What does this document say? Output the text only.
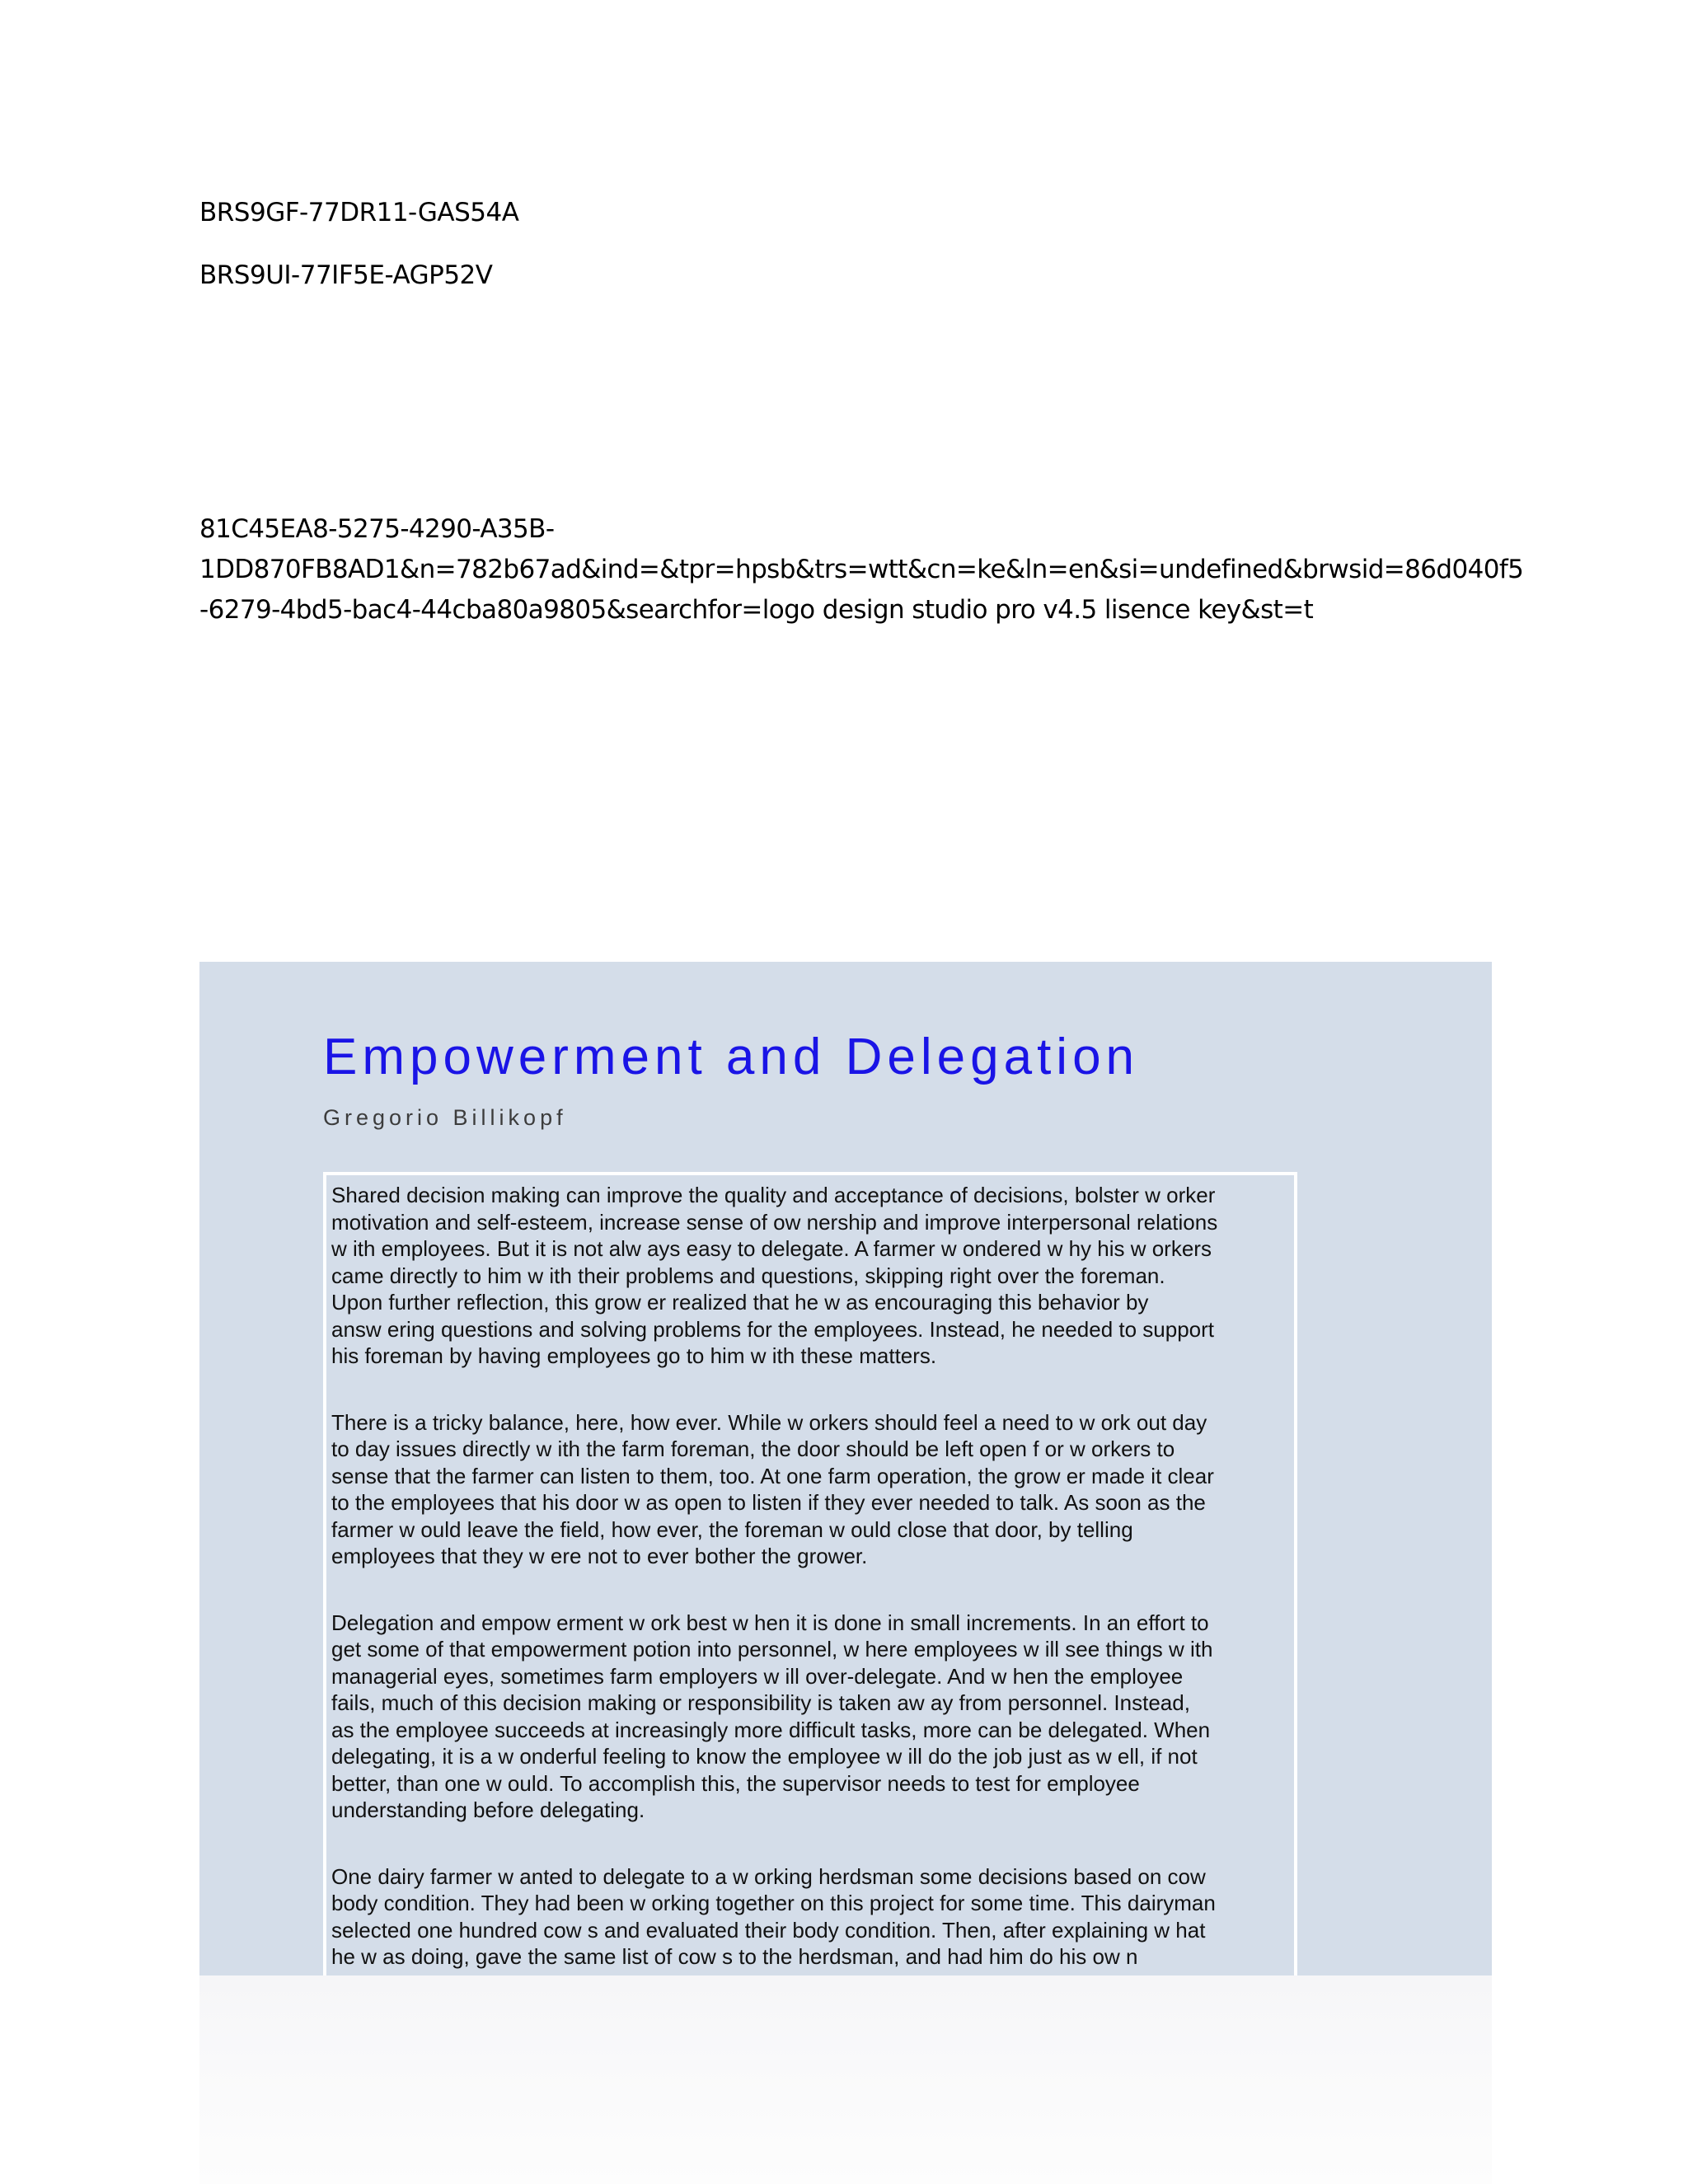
BRS9GF-77DR11-GAS54A
BRS9UI-77IF5E-AGP52V
81C45EA8-5275-4290-A35B-
1DD870FB8AD1&n=782b67ad&ind=&tpr=hpsb&trs=wtt&cn=ke&ln=en&si=undefined&brwsid=86d040f5
-6279-4bd5-bac4-44cba80a9805&searchfor=logo design studio pro v4.5 lisence key&st=t
Empowerment and Delegation
Gregorio Billikopf

Shared decision making can improve the quality and acceptance of decisions, bolster w orker
motivation and self-esteem, increase sense of ow nership and improve interpersonal relations
w ith employees. But it is not alw ays easy to delegate. A farmer w ondered w hy his w orkers
came directly to him w ith their problems and questions, skipping right over the foreman.
Upon further reflection, this grow er realized that he w as encouraging this behavior by
answ ering questions and solving problems for the employees. Instead, he needed to support
his foreman by having employees go to him w ith these matters.

There is a tricky balance, here, how ever. While w orkers should feel a need to w ork out day
to day issues directly w ith the farm foreman, the door should be left open f or w orkers to
sense that the farmer can listen to them, too. At one farm operation, the grow er made it clear
to the employees that his door w as open to listen if they ever needed to talk. As soon as the
farmer w ould leave the field, how ever, the foreman w ould close that door, by telling
employees that they w ere not to ever bother the grower.

Delegation and empow erment w ork best w hen it is done in small increments. In an effort to
get some of that empowerment potion into personnel, w here employees w ill see things w ith
managerial eyes, sometimes farm employers w ill over-delegate. And w hen the employee
fails, much of this decision making or responsibility is taken aw ay from personnel. Instead,
as the employee succeeds at increasingly more difficult tasks, more can be delegated. When
delegating, it is a w onderful feeling to know the employee w ill do the job just as w ell, if not
better, than one w ould. To accomplish this, the supervisor needs to test for employee
understanding before delegating.

One dairy farmer w anted to delegate to a w orking herdsman some decisions based on cow
body condition. They had been w orking together on this project for some time. This dairyman
selected one hundred cow s and evaluated their body condition. Then, after explaining w hat
he w as doing, gave the same list of cow s to the herdsman, and had him do his ow n
